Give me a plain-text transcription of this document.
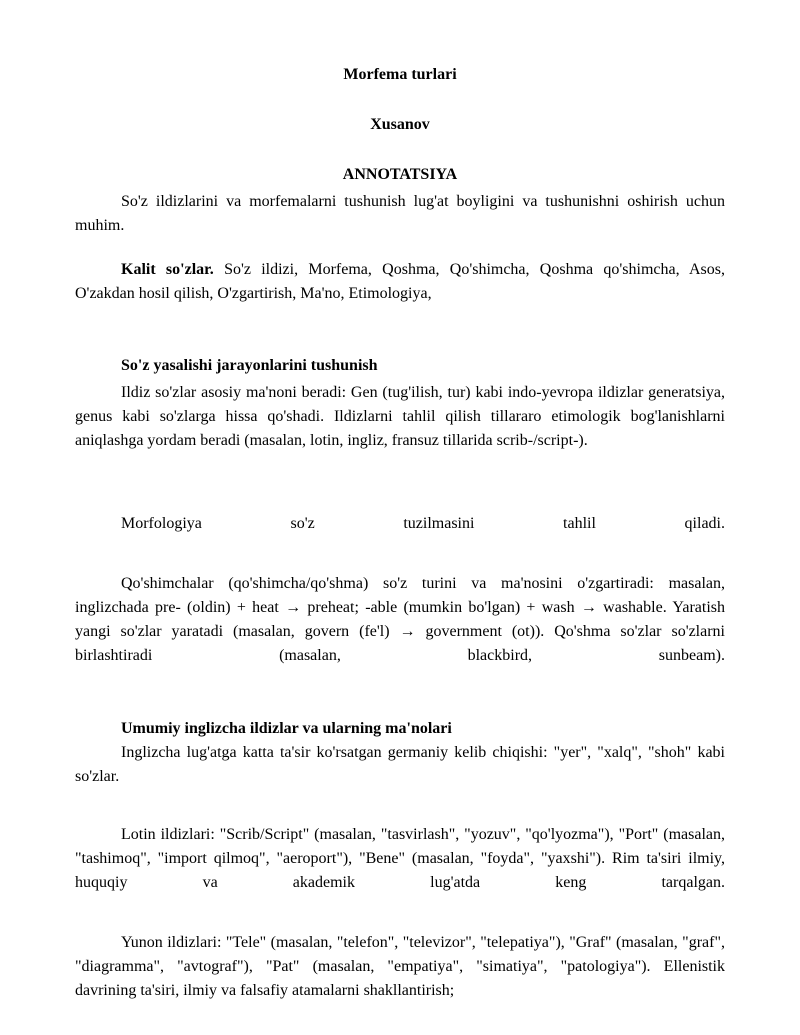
Morfema turlari
Xusanov
ANNOTATSIYA

So'z ildizlarini va morfemalarni tushunish lug'at boyligini va tushunishni oshirish uchun muhim.

Kalit so'zlar. So'z ildizi, Morfema, Qoshma, Qo'shimcha, Qoshma qo'shimcha, Asos, O'zakdan hosil qilish, O'zgartirish, Ma'no, Etimologiya,

So'z yasalishi jarayonlarini tushunish

Ildiz so'zlar asosiy ma'noni beradi: Gen (tug'ilish, tur) kabi indo-yevropa ildizlar generatsiya, genus kabi so'zlarga hissa qo'shadi. Ildizlarni tahlil qilish tillararo etimologik bog'lanishlarni aniqlashga yordam beradi (masalan, lotin, ingliz, fransuz tillarida scrib-/script-).

Morfologiya so'z tuzilmasini tahlil qiladi.

Qo'shimchalar (qo'shimcha/qo'shma) so'z turini va ma'nosini o'zgartiradi: masalan, inglizchada pre- (oldin) + heat → preheat; -able (mumkin bo'lgan) + wash → washable. Yaratish yangi so'zlar yaratadi (masalan, govern (fe'l) → government (ot)). Qo'shma so'zlar so'zlarni birlashtiradi (masalan, blackbird, sunbeam).

Umumiy inglizcha ildizlar va ularning ma'nolari

Inglizcha lug'atga katta ta'sir ko'rsatgan germaniy kelib chiqishi: "yer", "xalq", "shoh" kabi so'zlar.

Lotin ildizlari: "Scrib/Script" (masalan, "tasvirlash", "yozuv", "qo'lyozma"), "Port" (masalan, "tashimoq", "import qilmoq", "aeroport"), "Bene" (masalan, "foyda", "yaxshi"). Rim ta'siri ilmiy, huquqiy va akademik lug'atda keng tarqalgan.

Yunon ildizlari: "Tele" (masalan, "telefon", "televizor", "telepatiya"), "Graf" (masalan, "graf", "diagramma", "avtograf"), "Pat" (masalan, "empatiya", "simatiya", "patologiya"). Ellenistik davrining ta'siri, ilmiy va falsafiy atamalarni shakllantirish;
